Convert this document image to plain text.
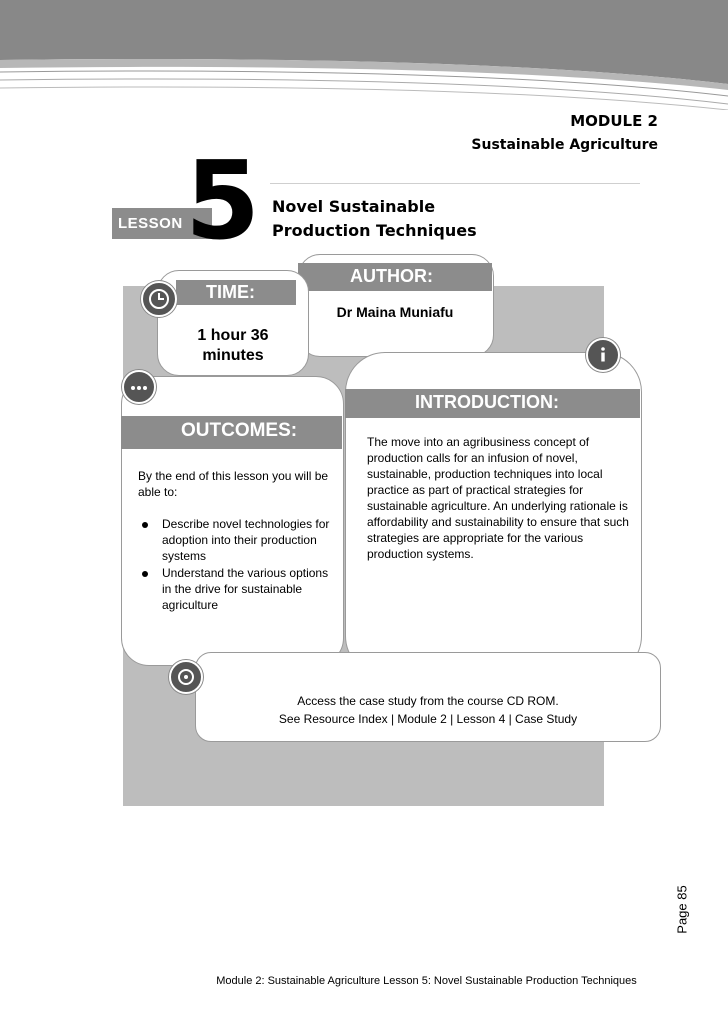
MODULE 2
Sustainable Agriculture
LESSON 5 Novel Sustainable
Production Techniques
AUTHOR:
Dr Maina Muniafu
TIME:
1 hour 36
minutes
OUTCOMES:
By the end of this lesson you will be able to:
Describe novel technologies for adoption into their production systems
Understand the various options in the drive for sustainable agriculture
INTRODUCTION:
The move into an agribusiness concept of production calls for an infusion of novel, sustainable, production techniques into local practice as part of practical strategies for sustainable agriculture. An underlying rationale is affordability and sustainability to ensure that such strategies are appropriate for the various production systems.
Access the case study from the course CD ROM.
See Resource Index | Module 2 | Lesson 4 | Case Study
Page 85
Module 2: Sustainable Agriculture Lesson 5: Novel Sustainable Production Techniques
